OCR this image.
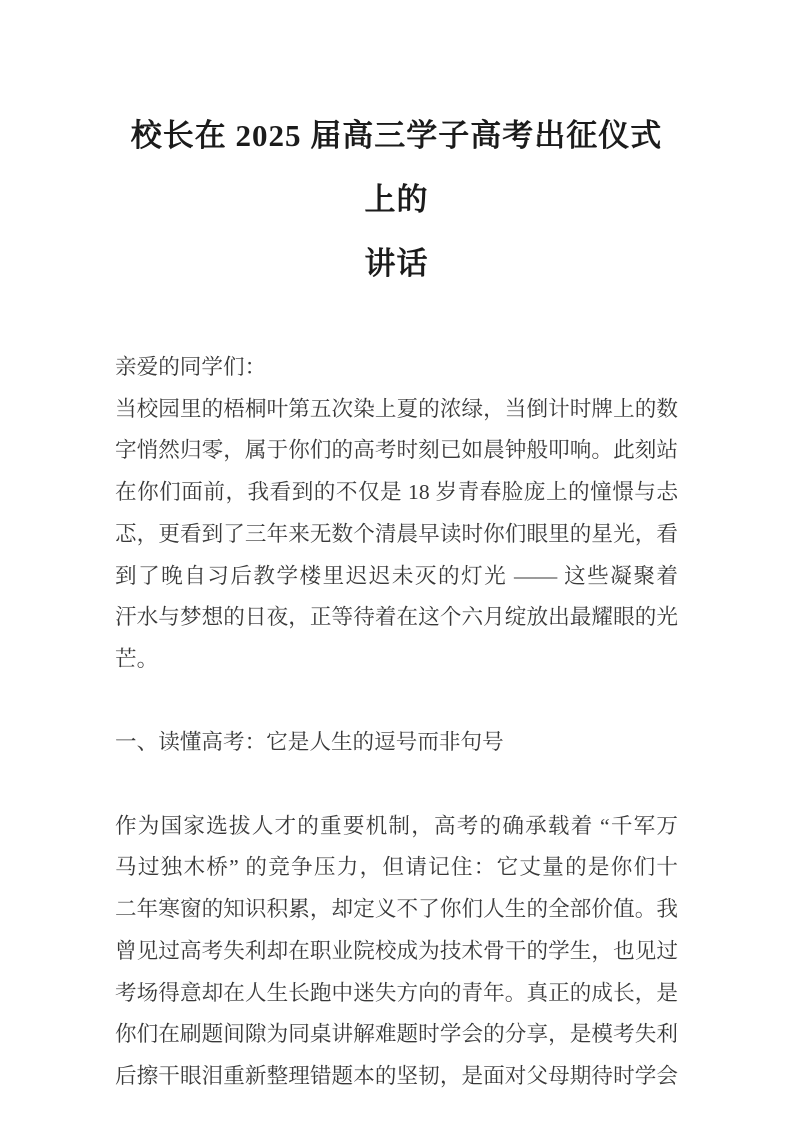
校长在 2025 届高三学子高考出征仪式上的
讲话
亲爱的同学们：
当校园里的梧桐叶第五次染上夏的浓绿，当倒计时牌上的数
字悄然归零，属于你们的高考时刻已如晨钟般叩响。此刻站
在你们面前，我看到的不仅是 18 岁青春脸庞上的憧憬与忐
忑，更看到了三年来无数个清晨早读时你们眼里的星光，看
到了晚自习后教学楼里迟迟未灭的灯光 —— 这些凝聚着
汗水与梦想的日夜，正等待着在这个六月绽放出最耀眼的光
芒。
一、读懂高考：它是人生的逗号而非句号
作为国家选拔人才的重要机制，高考的确承载着 “千军万
马过独木桥” 的竞争压力，但请记住：它丈量的是你们十
二年寒窗的知识积累，却定义不了你们人生的全部价值。我
曾见过高考失利却在职业院校成为技术骨干的学生，也见过
考场得意却在人生长跑中迷失方向的青年。真正的成长，是
你们在刷题间隙为同桌讲解难题时学会的分享，是模考失利
后擦干眼泪重新整理错题本的坚韧，是面对父母期待时学会
